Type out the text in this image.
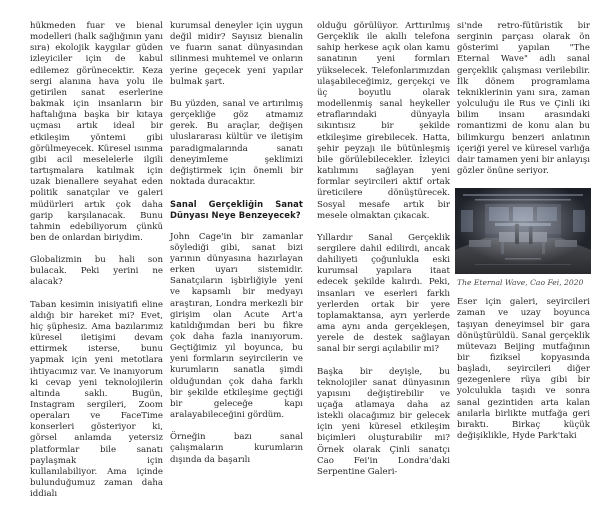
hükmeden fuar ve bienal modelleri (halk sağlığının yanı sıra) ekolojik kaygılar güden izleyiciler için de kabul edilemez görünecektir. Keza sergi alanına hava yolu ile getirilen sanat eserlerine bakmak için insanların bir haftalığına başka bir kıtaya uçması artık ideal bir etkileşim yöntemi gibi görülmeyecek. Küresel ısınma gibi acil meselelerle ilgili tartışmalara katılmak için uzak bienallere seyahat eden politik sanatçılar ve galeri müdürleri artık çok daha garip karşılanacak. Bunu tahmin edebiliyorum çünkü ben de onlardan biriydim.

Globalizmin bu hali son bulacak. Peki yerini ne alacak?

Taban kesimin inisiyatifi eline aldığı bir hareket mi? Evet, hiç şüphesiz. Ama bazılarımız küresel iletişimi devam ettirmek isterse, bunu yapmak için yeni metotlara ihtiyacımız var. Ve inanıyorum ki cevap yeni teknolojilerin altında saklı. Bugün, Instagram sergileri, Zoom operaları ve FaceTime konserleri gösteriyor ki, görsel anlamda yetersiz platformlar bile sanatı paylaşmak için kullanılabiliyor. Ama içinde bulunduğumuz zaman daha iddialı

kurumsal deneyler için uygun değil midir? Sayısız bienalin ve fuarın sanat dünyasından silinmesi muhtemel ve onların yerine geçecek yeni yapılar bulmak şart.

Bu yüzden, sanal ve artırılmış gerçekliğe göz atmamız gerek. Bu araçlar, değişen uluslararası kültür ve iletişim paradigmalarında sanatı deneyimleme şeklimizi değiştirmek için önemli bir noktada duracaktır.

Sanal Gerçekliğin Sanat Dünyası Neye Benzeyecek?

John Cage'in bir zamanlar söylediği gibi, sanat bizi yarının dünyasına hazırlayan erken uyarı sistemidir. Sanatçıların işbirliğiyle yeni ve kapsamlı bir medyayı araştıran, Londra merkezli bir girişim olan Acute Art'a katıldığımdan beri bu fikre çok daha fazla inanıyorum. Geçtiğimiz yıl boyunca, bu yeni formların seyircilerin ve kurumların sanatla şimdi olduğundan çok daha farklı bir şekilde etkileşime geçtiği bir geleceğe kapı aralayabileceğini gördüm.

Örneğin bazı sanal çalışmaların kurumların dışında da başarılı

olduğu görülüyor. Arttırılmış Gerçeklik ile akıllı telefona sahip herkese açık olan kamu sanatının yeni formları yükselecek. Telefonlarımızdan ulaşabileceğimiz, gerçekçi ve üç boyutlu olarak modellenmiş sanal heykeller etraflarındaki dünyayla sıkıntısız bir şekilde etkileşime girebilecek. Hatta, şehir peyzajı ile bütünleşmiş bile görülebilecekler. İzleyici katılımını sağlayan yeni formlar seyircileri aktif ortak üreticilere dönüştürecek. Sosyal mesafe artık bir mesele olmaktan çıkacak.

Yıllardır Sanal Gerçeklik sergilere dahil edilirdi, ancak dahiliyeti çoğunlukla eski kurumsal yapılara itaat edecek şekilde kalırdı. Peki, insanları ve eserleri farklı yerlerden ortak bir yere toplamaktansa, ayrı yerlerde ama aynı anda gerçekleşen, yerele de destek sağlayan sanal bir sergi açılabilir mi?

Başka bir deyişle, bu teknolojiler sanat dünyasının yapısını değiştirebilir ve uçağa atlamaya daha az istekli olacağımız bir gelecek için yeni küresel etkileşim biçimleri oluşturabilir mi? Örnek olarak Çinli sanatçı Cao Fei'in Londra'daki Serpentine Galeri-

si'nde retro-fütüristik bir serginin parçası olarak ön gösterimi yapılan "The Eternal Wave" adlı sanal gerçeklik çalışması verilebilir. İlk dönem programlama tekniklerinin yanı sıra, zaman yolculuğu ile Rus ve Çinli iki bilim insanı arasındaki romantizmi de konu alan bu bilimkurgu benzeri anlatının içeriği yerel ve küresel varlığa dair tamamen yeni bir anlayışı gözler önüne seriyor.

The Eternal Wave, Cao Fei, 2020

Eser için galeri, seyircileri zaman ve uzay boyunca taşıyan deneyimsel bir gara dönüştürüldü. Sanal gerçeklik mütevazı Beijing mutfağının bir fiziksel kopyasında başladı, seyircileri diğer gezegenlere rüya gibi bir yolculukla taşıdı ve sonra sanal gezintiden arta kalan anılarla birlikte mutfağa geri bıraktı. Birkaç küçük değişiklikle, Hyde Park'taki
